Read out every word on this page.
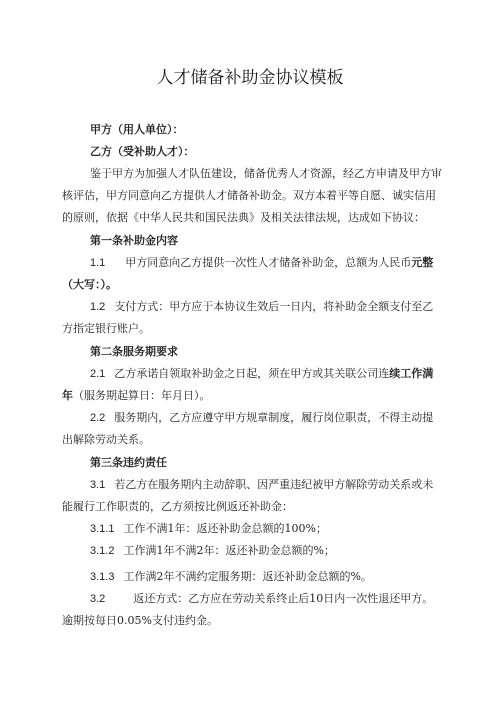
人才储备补助金协议模板

甲方（用人单位）：

乙方（受补助人才）：

鉴于甲方为加强人才队伍建设，储备优秀人才资源，经乙方申请及甲方审核评估，甲方同意向乙方提供人才储备补助金。双方本着平等自愿、诚实信用的原则，依据《中华人民共和国民法典》及相关法律法规，达成如下协议：

第一条补助金内容

1.1 甲方同意向乙方提供一次性人才储备补助金，总额为人民币元整（大写：）。

1.2 支付方式：甲方应于本协议生效后一日内，将补助金全额支付至乙方指定银行账户。

第二条服务期要求

2.1 乙方承诺自领取补助金之日起，须在甲方或其关联公司连续工作满年（服务期起算日：年月日）。

2.2 服务期内，乙方应遵守甲方规章制度，履行岗位职责，不得主动提出解除劳动关系。

第三条违约责任

3.1 若乙方在服务期内主动辞职、因严重违纪被甲方解除劳动关系或未能履行工作职责的，乙方须按比例返还补助金：

3.1.1 工作不满1年：返还补助金总额的100%；

3.1.2 工作满1年不满2年：返还补助金总额的%；

3.1.3 工作满2年不满约定服务期：返还补助金总额的%。

3.2	返还方式：乙方应在劳动关系终止后10日内一次性退还甲方。

逾期按每日0.05%支付违约金。
